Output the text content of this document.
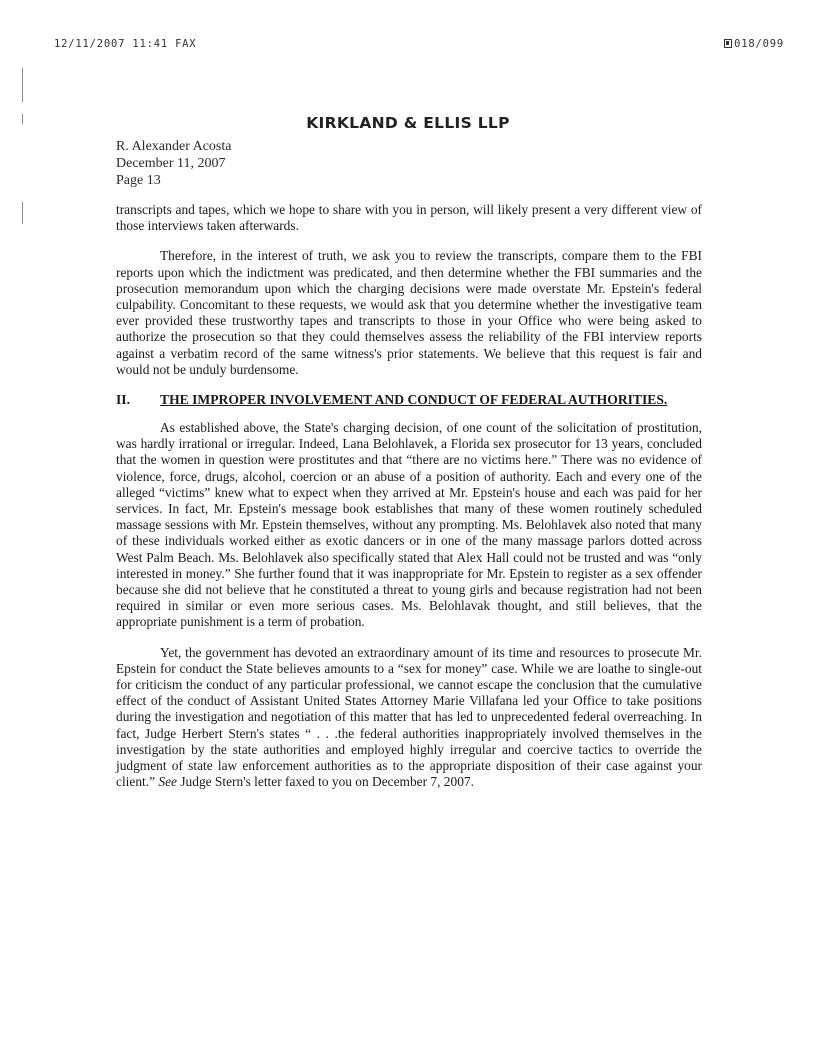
12/11/2007 11:41 FAX	018/099
KIRKLAND & ELLIS LLP
R. Alexander Acosta
December 11, 2007
Page 13

transcripts and tapes, which we hope to share with you in person, will likely present a very different view of those interviews taken afterwards.

Therefore, in the interest of truth, we ask you to review the transcripts, compare them to the FBI reports upon which the indictment was predicated, and then determine whether the FBI summaries and the prosecution memorandum upon which the charging decisions were made overstate Mr. Epstein's federal culpability. Concomitant to these requests, we would ask that you determine whether the investigative team ever provided these trustworthy tapes and transcripts to those in your Office who were being asked to authorize the prosecution so that they could themselves assess the reliability of the FBI interview reports against a verbatim record of the same witness's prior statements. We believe that this request is fair and would not be unduly burdensome.

II.	THE IMPROPER INVOLVEMENT AND CONDUCT OF FEDERAL AUTHORITIES.

As established above, the State's charging decision, of one count of the solicitation of prostitution, was hardly irrational or irregular. Indeed, Lana Belohlavek, a Florida sex prosecutor for 13 years, concluded that the women in question were prostitutes and that “there are no victims here.” There was no evidence of violence, force, drugs, alcohol, coercion or an abuse of a position of authority. Each and every one of the alleged “victims” knew what to expect when they arrived at Mr. Epstein's house and each was paid for her services. In fact, Mr. Epstein's message book establishes that many of these women routinely scheduled massage sessions with Mr. Epstein themselves, without any prompting. Ms. Belohlavek also noted that many of these individuals worked either as exotic dancers or in one of the many massage parlors dotted across West Palm Beach. Ms. Belohlavek also specifically stated that Alex Hall could not be trusted and was “only interested in money.” She further found that it was inappropriate for Mr. Epstein to register as a sex offender because she did not believe that he constituted a threat to young girls and because registration had not been required in similar or even more serious cases. Ms. Belohlavak thought, and still believes, that the appropriate punishment is a term of probation.

Yet, the government has devoted an extraordinary amount of its time and resources to prosecute Mr. Epstein for conduct the State believes amounts to a “sex for money” case. While we are loathe to single-out for criticism the conduct of any particular professional, we cannot escape the conclusion that the cumulative effect of the conduct of Assistant United States Attorney Marie Villafana led your Office to take positions during the investigation and negotiation of this matter that has led to unprecedented federal overreaching. In fact, Judge Herbert Stern's states “ . . .the federal authorities inappropriately involved themselves in the investigation by the state authorities and employed highly irregular and coercive tactics to override the judgment of state law enforcement authorities as to the appropriate disposition of their case against your client.” See Judge Stern's letter faxed to you on December 7, 2007.
